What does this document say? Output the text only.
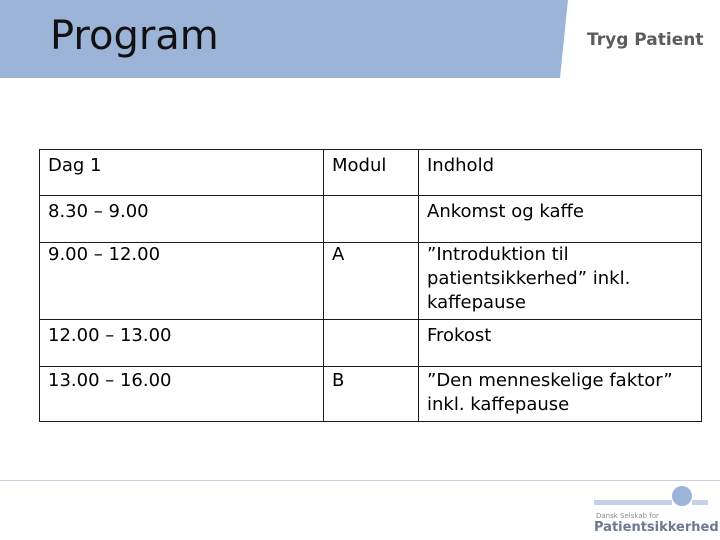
Program	Tryg Patient
Dag 1	Modul	Indhold
8.30 – 9.00		Ankomst og kaffe
9.00 – 12.00	A	”Introduktion til patientsikkerhed” inkl. kaffepause
12.00 – 13.00		Frokost
13.00 – 16.00	B	”Den menneskelige faktor” inkl. kaffepause
Dansk Selskab for
Patientsikkerhed
